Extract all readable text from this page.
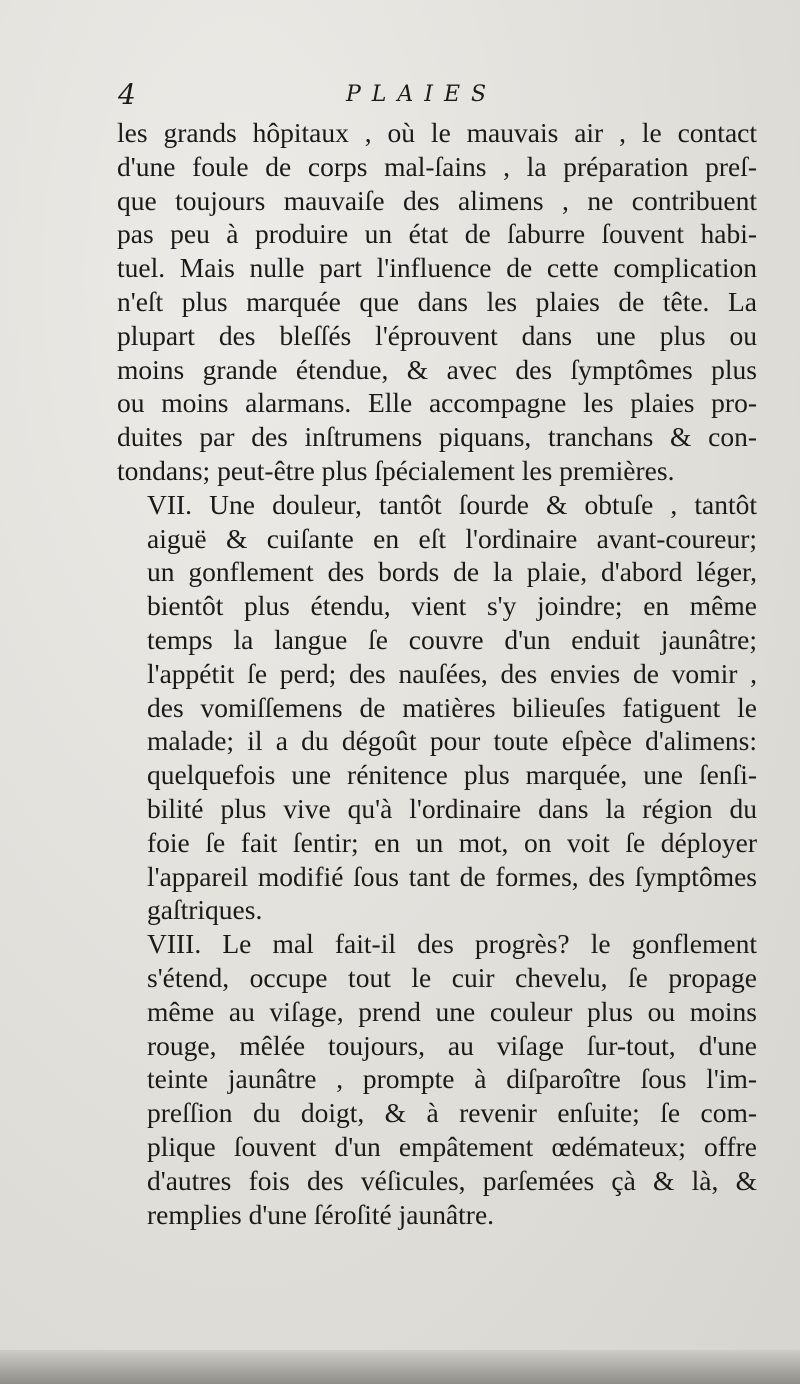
4	PLAIES

les grands hôpitaux , où le mauvais air , le contact
d'une foule de corps mal-ſains , la préparation preſ-
que toujours mauvaiſe des alimens , ne contribuent
pas peu à produire un état de ſaburre ſouvent habi-
tuel. Mais nulle part l'influence de cette complication
n'eſt plus marquée que dans les plaies de tête. La
plupart des bleſſés l'éprouvent dans une plus ou
moins grande étendue, & avec des ſymptômes plus
ou moins alarmans. Elle accompagne les plaies pro-
duites par des inſtrumens piquans, tranchans & con-
tondans; peut-être plus ſpécialement les premières.

VII. Une douleur, tantôt ſourde & obtuſe , tantôt
aiguë & cuiſante en eſt l'ordinaire avant-coureur;
un gonflement des bords de la plaie, d'abord léger,
bientôt plus étendu, vient s'y joindre; en même
temps la langue ſe couvre d'un enduit jaunâtre;
l'appétit ſe perd; des nauſées, des envies de vomir ,
des vomiſſemens de matières bilieuſes fatiguent le
malade; il a du dégoût pour toute eſpèce d'alimens:
quelquefois une rénitence plus marquée, une ſenſi-
bilité plus vive qu'à l'ordinaire dans la région du
foie ſe fait ſentir; en un mot, on voit ſe déployer
l'appareil modifié ſous tant de formes, des ſymptômes
gaſtriques.

VIII. Le mal fait-il des progrès? le gonflement
s'étend, occupe tout le cuir chevelu, ſe propage
même au viſage, prend une couleur plus ou moins
rouge, mêlée toujours, au viſage ſur-tout, d'une
teinte jaunâtre , prompte à diſparoître ſous l'im-
preſſion du doigt, & à revenir enſuite; ſe com-
plique ſouvent d'un empâtement œdémateux; offre
d'autres fois des véſicules, parſemées çà & là, &
remplies d'une ſéroſité jaunâtre.
